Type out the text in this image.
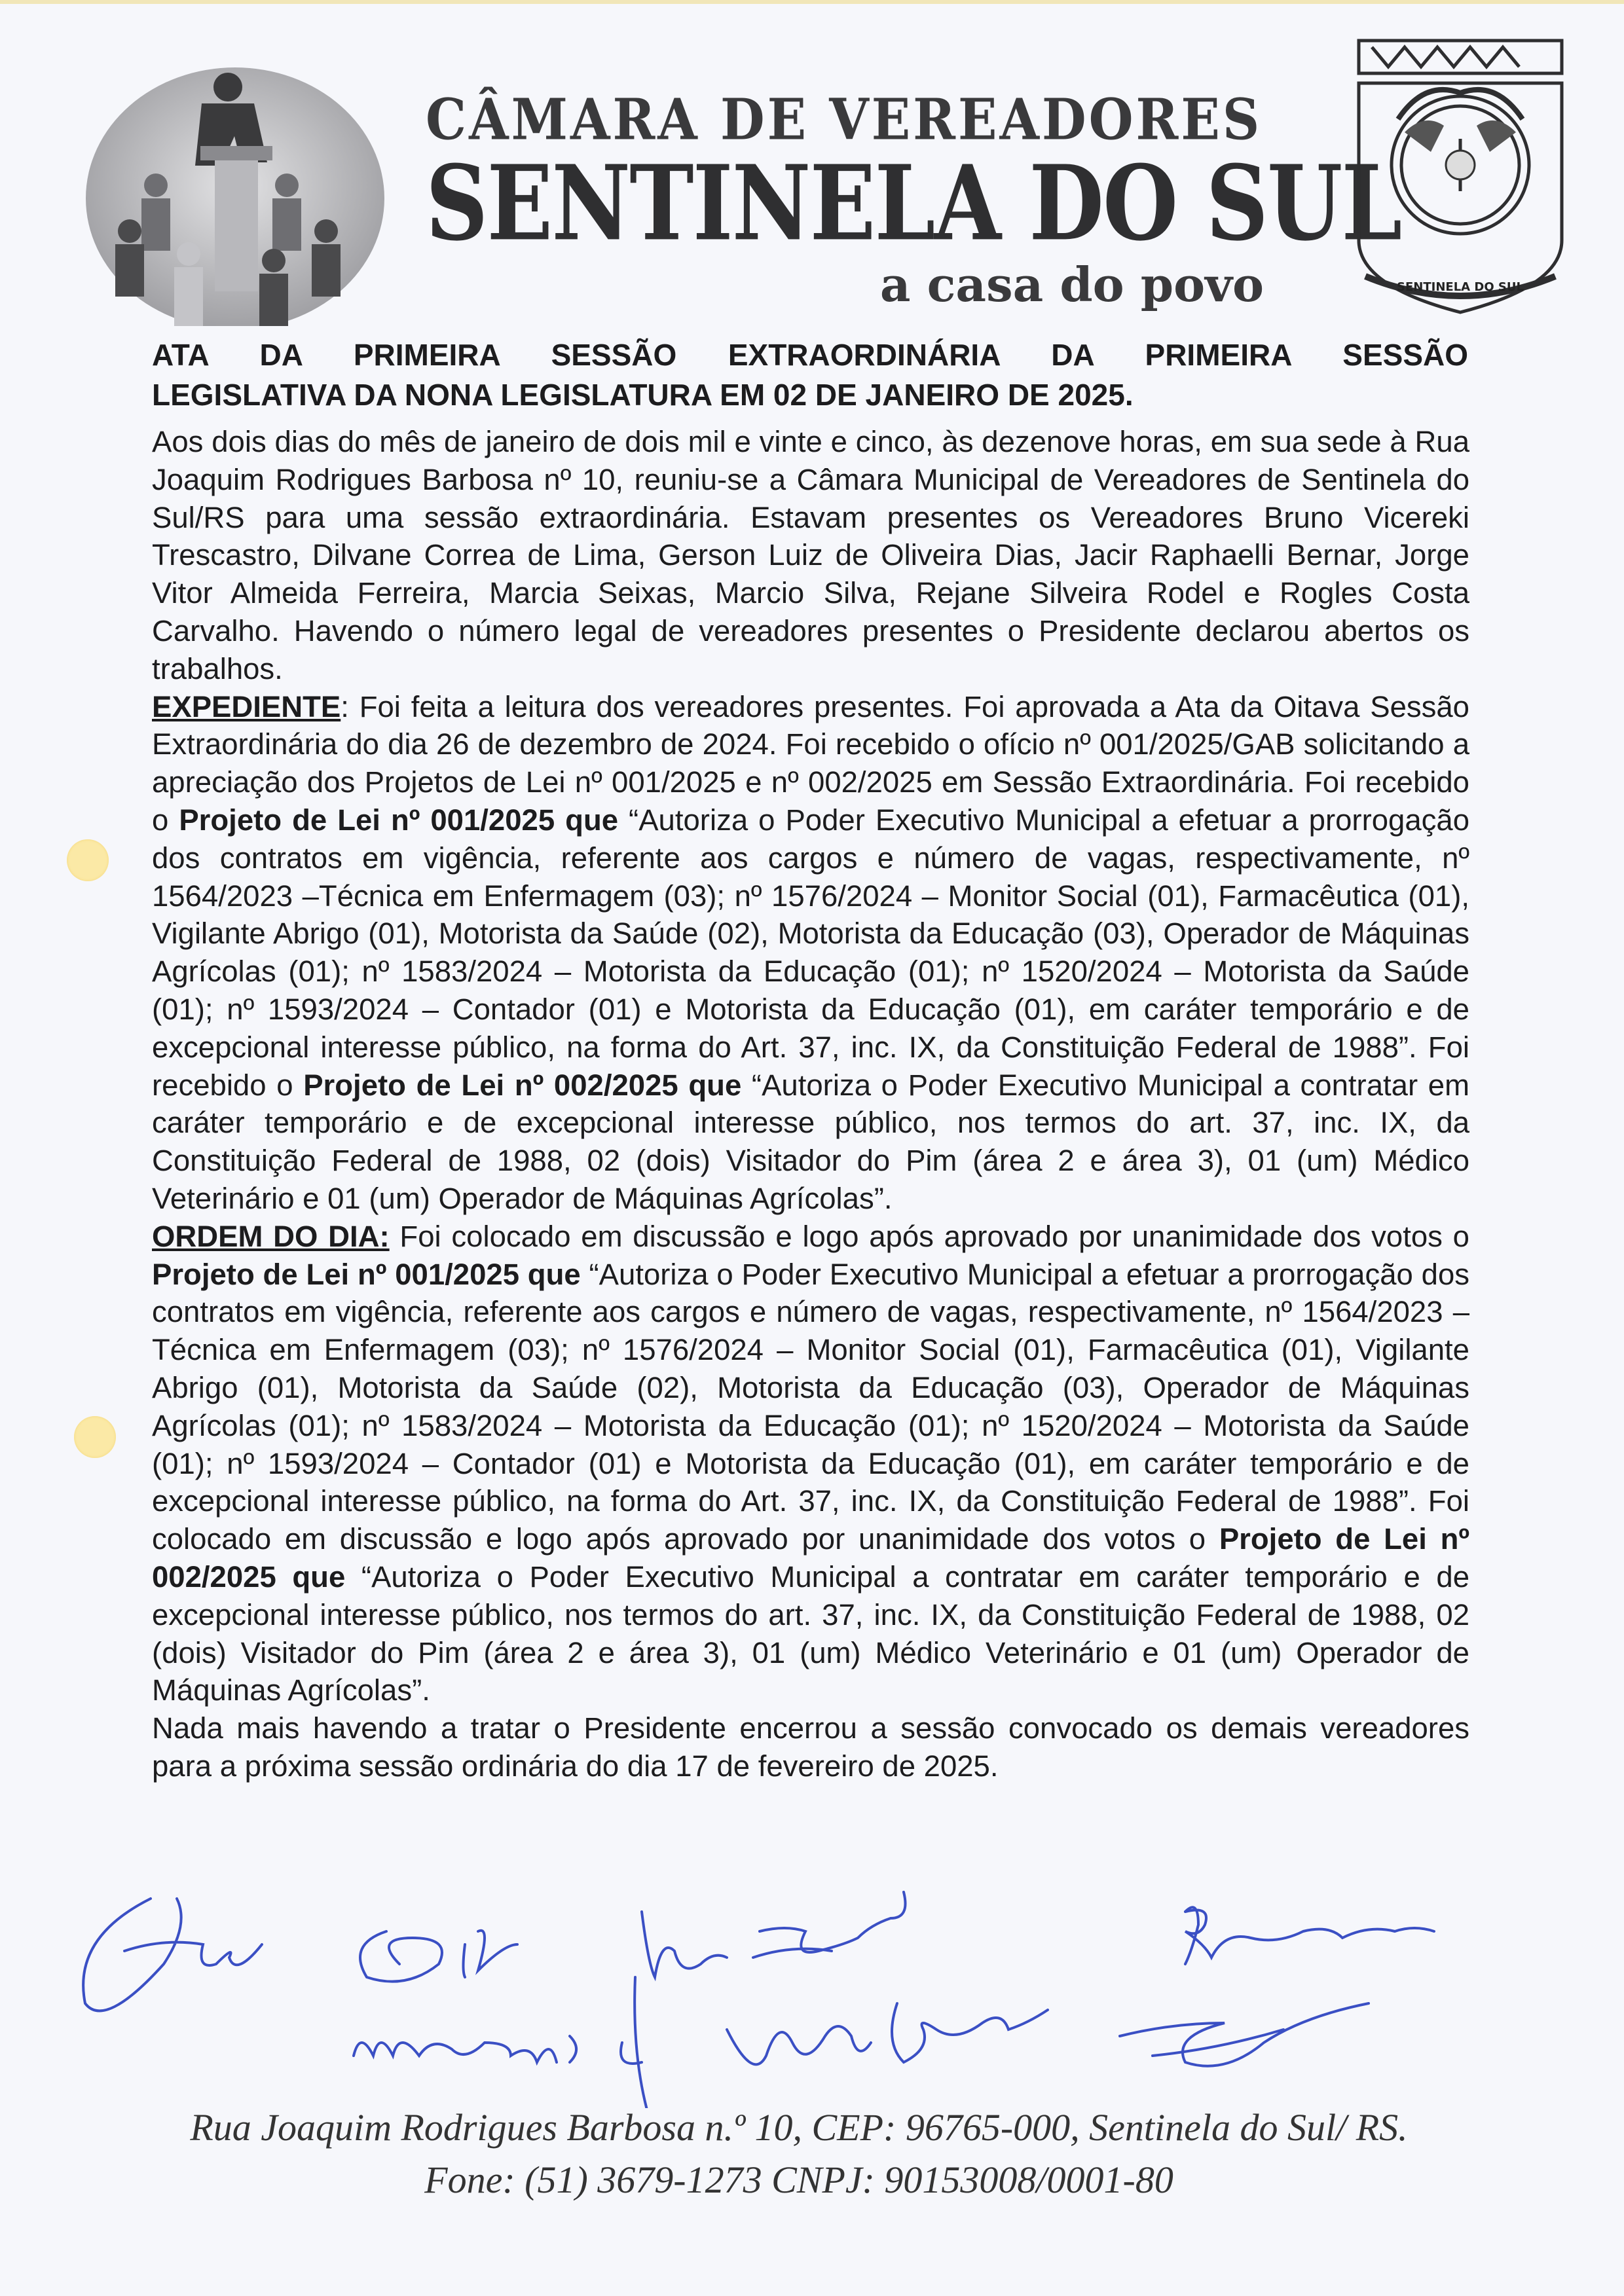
CÂMARA DE VEREADORES
SENTINELA DO SUL
a casa do povo	SENTINELA DO SUL
ATA DA PRIMEIRA SESSÃO EXTRAORDINÁRIA DA PRIMEIRA SESSÃO
LEGISLATIVA DA NONA LEGISLATURA EM 02 DE JANEIRO DE 2025.

Aos dois dias do mês de janeiro de dois mil e vinte e cinco, às dezenove horas, em sua sede à Rua Joaquim Rodrigues Barbosa nº 10, reuniu-se a Câmara Municipal de Vereadores de Sentinela do Sul/RS para uma sessão extraordinária. Estavam presentes os Vereadores Bruno Vicereki Trescastro, Dilvane Correa de Lima, Gerson Luiz de Oliveira Dias, Jacir Raphaelli Bernar, Jorge Vitor Almeida Ferreira, Marcia Seixas, Marcio Silva, Rejane Silveira Rodel e Rogles Costa Carvalho. Havendo o número legal de vereadores presentes o Presidente declarou abertos os trabalhos.

EXPEDIENTE: Foi feita a leitura dos vereadores presentes. Foi aprovada a Ata da Oitava Sessão Extraordinária do dia 26 de dezembro de 2024. Foi recebido o ofício nº 001/2025/GAB solicitando a apreciação dos Projetos de Lei nº 001/2025 e nº 002/2025 em Sessão Extraordinária. Foi recebido o Projeto de Lei nº 001/2025 que “Autoriza o Poder Executivo Municipal a efetuar a prorrogação dos contratos em vigência, referente aos cargos e número de vagas, respectivamente, nº 1564/2023 –Técnica em Enfermagem (03); nº 1576/2024 – Monitor Social (01), Farmacêutica (01), Vigilante Abrigo (01), Motorista da Saúde (02), Motorista da Educação (03), Operador de Máquinas Agrícolas (01); nº 1583/2024 – Motorista da Educação (01); nº 1520/2024 – Motorista da Saúde (01); nº 1593/2024 – Contador (01) e Motorista da Educação (01), em caráter temporário e de excepcional interesse público, na forma do Art. 37, inc. IX, da Constituição Federal de 1988”. Foi recebido o Projeto de Lei nº 002/2025 que “Autoriza o Poder Executivo Municipal a contratar em caráter temporário e de excepcional interesse público, nos termos do art. 37, inc. IX, da Constituição Federal de 1988, 02 (dois) Visitador do Pim (área 2 e área 3), 01 (um) Médico Veterinário e 01 (um) Operador de Máquinas Agrícolas”.

ORDEM DO DIA: Foi colocado em discussão e logo após aprovado por unanimidade dos votos o Projeto de Lei nº 001/2025 que “Autoriza o Poder Executivo Municipal a efetuar a prorrogação dos contratos em vigência, referente aos cargos e número de vagas, respectivamente, nº 1564/2023 –Técnica em Enfermagem (03); nº 1576/2024 – Monitor Social (01), Farmacêutica (01), Vigilante Abrigo (01), Motorista da Saúde (02), Motorista da Educação (03), Operador de Máquinas Agrícolas (01); nº 1583/2024 – Motorista da Educação (01); nº 1520/2024 – Motorista da Saúde (01); nº 1593/2024 – Contador (01) e Motorista da Educação (01), em caráter temporário e de excepcional interesse público, na forma do Art. 37, inc. IX, da Constituição Federal de 1988”. Foi colocado em discussão e logo após aprovado por unanimidade dos votos o Projeto de Lei nº 002/2025 que “Autoriza o Poder Executivo Municipal a contratar em caráter temporário e de excepcional interesse público, nos termos do art. 37, inc. IX, da Constituição Federal de 1988, 02 (dois) Visitador do Pim (área 2 e área 3), 01 (um) Médico Veterinário e 01 (um) Operador de Máquinas Agrícolas”.

Nada mais havendo a tratar o Presidente encerrou a sessão convocado os demais vereadores para a próxima sessão ordinária do dia 17 de fevereiro de 2025.

Rua Joaquim Rodrigues Barbosa n.º 10, CEP: 96765-000, Sentinela do Sul/ RS.
Fone: (51) 3679-1273 CNPJ: 90153008/0001-80
